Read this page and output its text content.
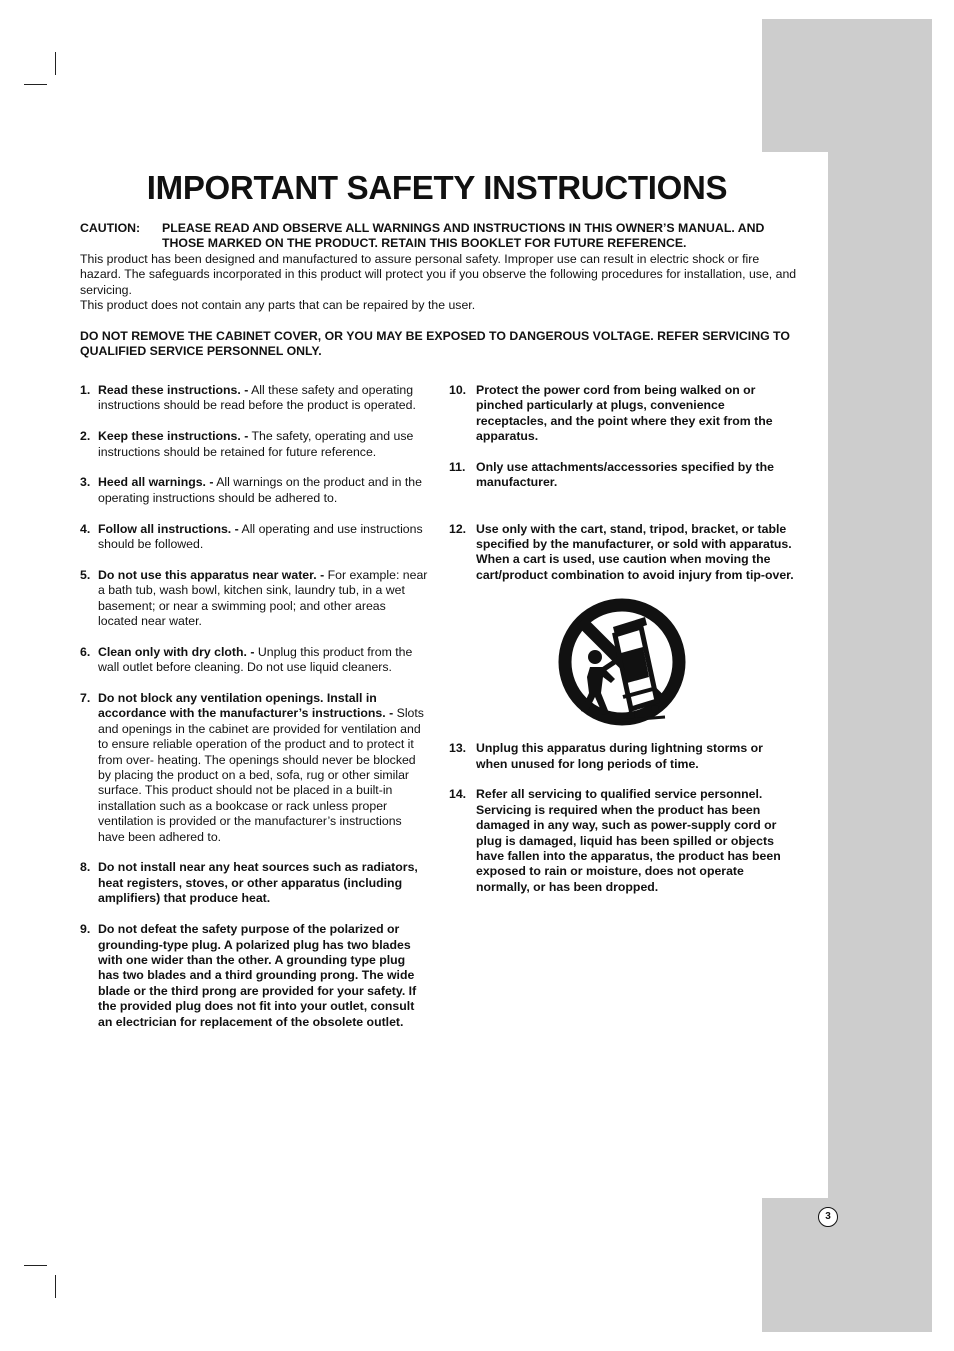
3
IMPORTANT SAFETY INSTRUCTIONS
CAUTION:	PLEASE READ AND OBSERVE ALL WARNINGS AND INSTRUCTIONS IN THIS OWNER’S MANUAL. AND THOSE MARKED ON THE PRODUCT. RETAIN THIS BOOKLET FOR FUTURE REFERENCE.

This product has been designed and manufactured to assure personal safety. Improper use can result in electric shock or fire hazard. The safeguards incorporated in this product will protect you if you observe the following procedures for installation, use, and servicing.

This product does not contain any parts that can be repaired by the user.

DO NOT REMOVE THE CABINET COVER, OR YOU MAY BE EXPOSED TO DANGEROUS VOLTAGE. REFER SERVICING TO QUALIFIED SERVICE PERSONNEL ONLY.
1. Read these instructions. - All these safety and operating instructions should be read before the product is operated.
2. Keep these instructions. - The safety, operating and use instructions should be retained for future reference.
3. Heed all warnings. - All warnings on the product and in the operating instructions should be adhered to.
4. Follow all instructions. - All operating and use instructions should be followed.
5. Do not use this apparatus near water. - For example: near a bath tub, wash bowl, kitchen sink, laundry tub, in a wet basement; or near a swimming pool; and other areas located near water.
6. Clean only with dry cloth. - Unplug this product from the wall outlet before cleaning. Do not use liquid cleaners.
7. Do not block any ventilation openings. Install in accordance with the manufacturer’s instructions. - Slots and openings in the cabinet are provided for ventilation and to ensure reliable operation of the product and to protect it from over- heating. The openings should never be blocked by placing the product on a bed, sofa, rug or other similar surface. This product should not be placed in a built-in installation such as a bookcase or rack unless proper ventilation is provided or the manufacturer’s instructions have been adhered to.
8. Do not install near any heat sources such as radiators, heat registers, stoves, or other apparatus (including amplifiers) that produce heat.
9. Do not defeat the safety purpose of the polarized or grounding-type plug. A polarized plug has two blades with one wider than the other. A grounding type plug has two blades and a third grounding prong. The wide blade or the third prong are provided for your safety. If the provided plug does not fit into your outlet, consult an electrician for replacement of the obsolete outlet.
10. Protect the power cord from being walked on or pinched particularly at plugs, convenience receptacles, and the point where they exit from the apparatus.
11. Only use attachments/accessories specified by the manufacturer.
12. Use only with the cart, stand, tripod, bracket, or table specified by the manufacturer, or sold with apparatus. When a cart is used, use caution when moving the cart/product combination to avoid injury from tip-over.
13. Unplug this apparatus during lightning storms or when unused for long periods of time.
14. Refer all servicing to qualified service personnel. Servicing is required when the product has been damaged in any way, such as power-supply cord or plug is damaged, liquid has been spilled or objects have fallen into the apparatus, the product has been exposed to rain or moisture, does not operate normally, or has been dropped.
